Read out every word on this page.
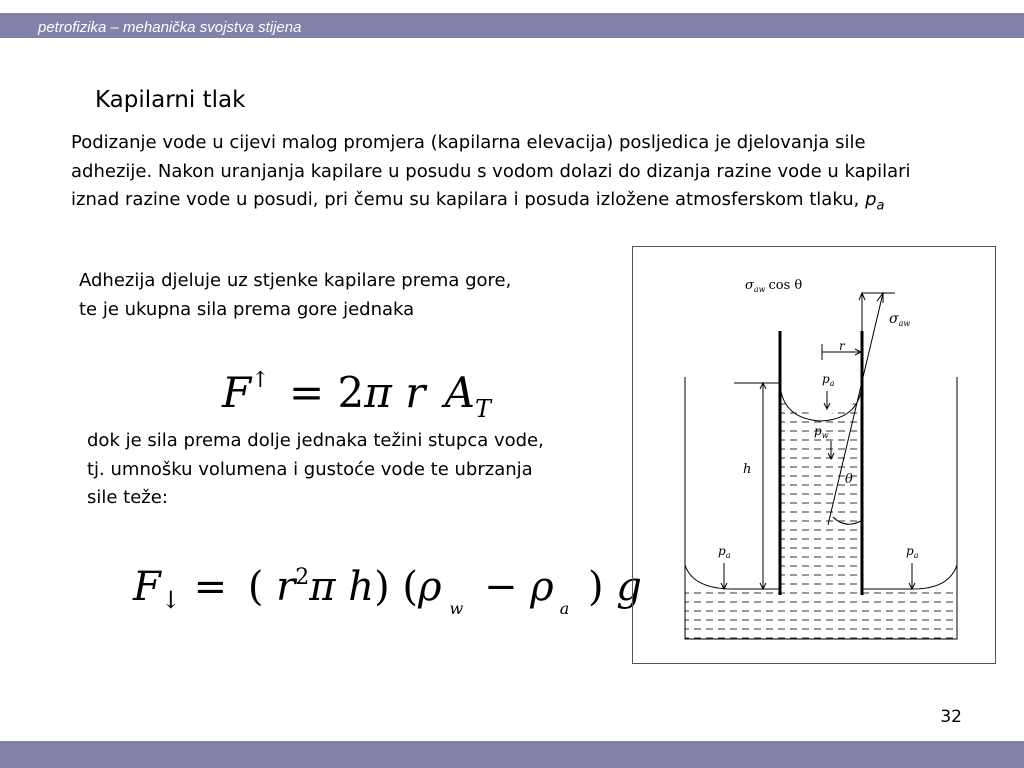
petrofizika – mehanička svojstva stijena
Kapilarni tlak
Podizanje vode u cijevi malog promjera (kapilarna elevacija) posljedica je djelovanja sile adhezije. Nakon uranjanja kapilare u posudu s vodom dolazi do dizanja razine vode u kapilari iznad razine vode u posudi, pri čemu su kapilara i posuda izložene atmosferskom tlaku, $p_a$
Adhezija djeluje uz stjenke kapilare prema gore, te je ukupna sila prema gore jednaka
F↑ = 2π r $A_T$
dok je sila prema dolje jednaka težini stupca vode, tj. umnošku volumena i gustoće vode te ubrzanja sile teže:
$F_↓$ = ( $r^2\pi$ h) (ρ $_w$ − ρ $_a$ ) g
h
r
θ
$\sigma_{aw}$ cos θ
$\sigma_{aw}$
$p_a$
$p_w$
$p_a$	$p_a$
32
